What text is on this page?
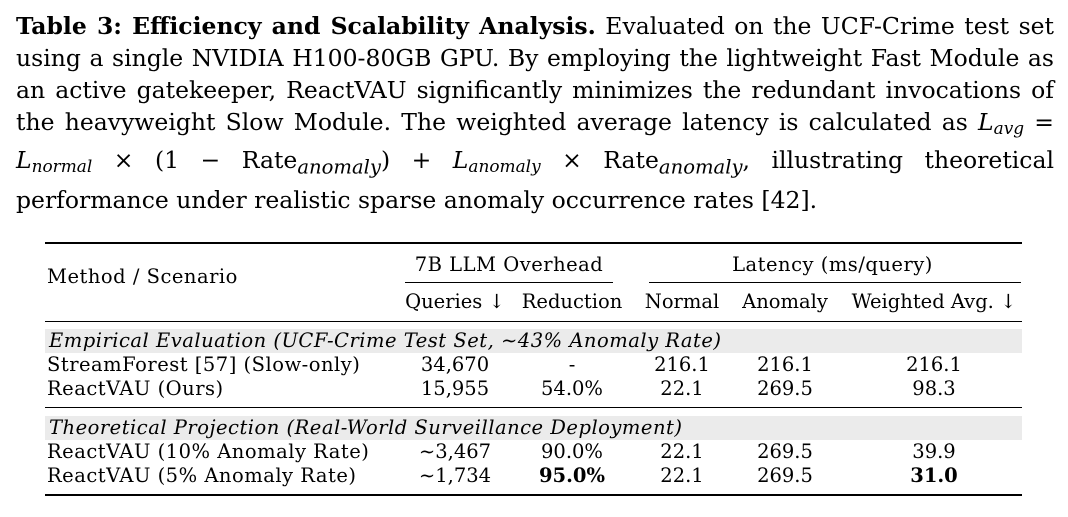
Table 3: Efficiency and Scalability Analysis. Evaluated on the UCF-Crime test set using a single NVIDIA H100-80GB GPU. By employing the lightweight Fast Module as an active gatekeeper, ReactVAU significantly minimizes the redundant invocations of the heavyweight Slow Module. The weighted average latency is calculated as $L_{avg} = L_{normal} \times (1$ − Rate$_{anomaly}$) + $L_{anomaly}$ × Rate$_{anomaly}$, illustrating theoretical performance under realistic sparse anomaly occurrence rates [42].
Method / Scenario
7B LLM Overhead	Latency (ms/query)
Queries ↓ Reduction	Normal	Anomaly	Weighted Avg. ↓
Empirical Evaluation (UCF-Crime Test Set, ∼43% Anomaly Rate)
StreamForest [57] (Slow-only)	34,670	-	216.1	216.1	216.1
ReactVAU (Ours)	15,955	54.0%	22.1	269.5	98.3
Theoretical Projection (Real-World Surveillance Deployment)
ReactVAU (10% Anomaly Rate)	∼3,467	90.0%	22.1	269.5	39.9
ReactVAU (5% Anomaly Rate)	∼1,734	95.0%	22.1	269.5	31.0
